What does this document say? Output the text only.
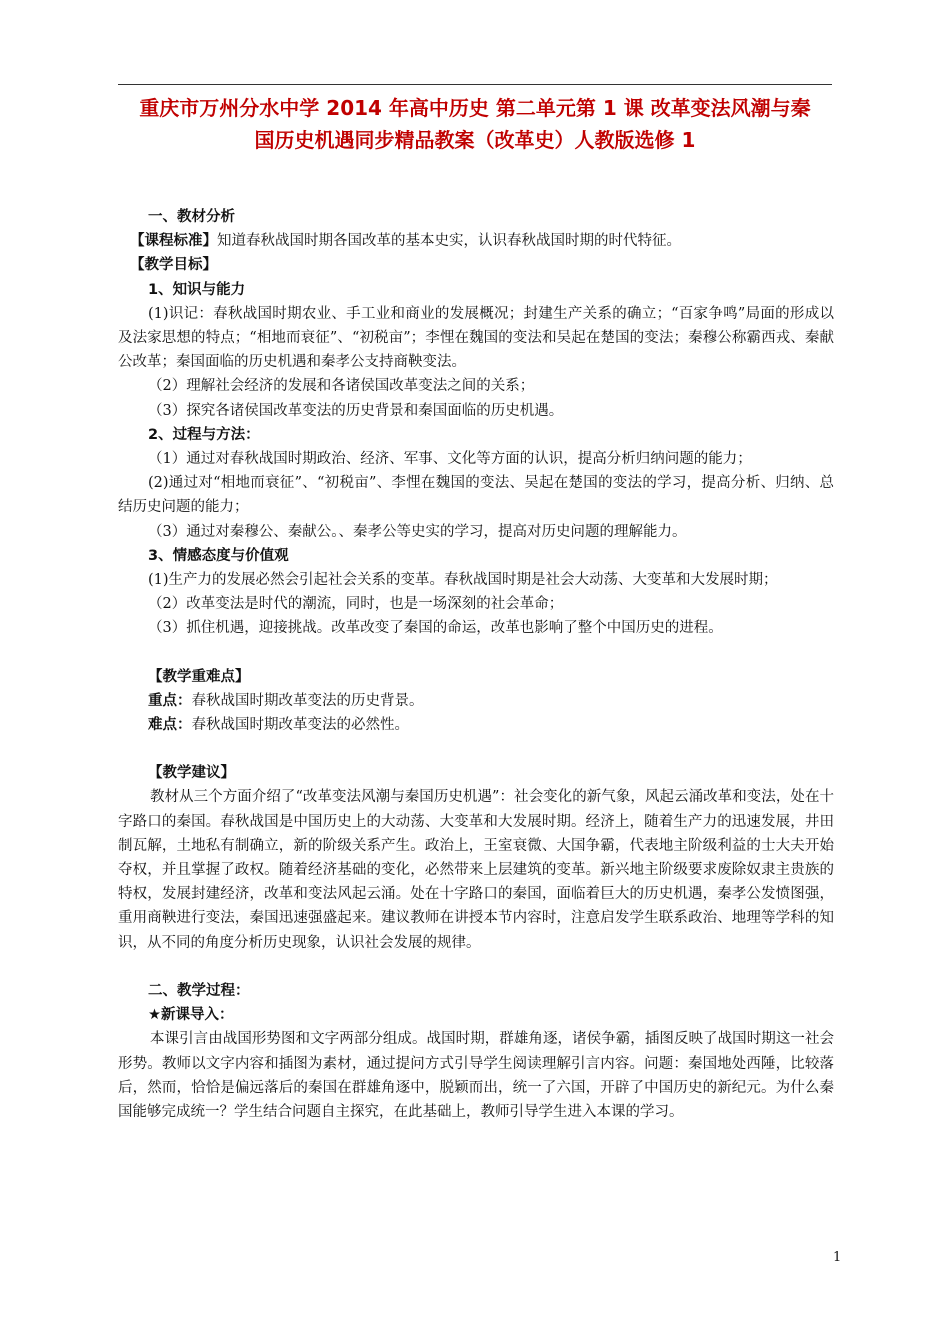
重庆市万州分水中学 2014 年高中历史 第二单元第 1 课 改革变法风潮与秦
国历史机遇同步精品教案（改革史）人教版选修 1

一、教材分析

【课程标准】知道春秋战国时期各国改革的基本史实，认识春秋战国时期的时代特征。

【教学目标】

1、知识与能力

(1)识记：春秋战国时期农业、手工业和商业的发展概况；封建生产关系的确立；“百家争鸣”局面的形成以及法家思想的特点；“相地而衰征”、“初税亩”；李悝在魏国的变法和吴起在楚国的变法；秦穆公称霸西戎、秦献公改革；秦国面临的历史机遇和秦孝公支持商鞅变法。

（2）理解社会经济的发展和各诸侯国改革变法之间的关系；

（3）探究各诸侯国改革变法的历史背景和秦国面临的历史机遇。

2、过程与方法：

（1）通过对春秋战国时期政治、经济、军事、文化等方面的认识，提高分析归纳问题的能力；

(2)通过对“相地而衰征”、“初税亩”、李悝在魏国的变法、吴起在楚国的变法的学习，提高分析、归纳、总结历史问题的能力；

（3）通过对秦穆公、秦献公。、秦孝公等史实的学习，提高对历史问题的理解能力。

3、情感态度与价值观

(1)生产力的发展必然会引起社会关系的变革。春秋战国时期是社会大动荡、大变革和大发展时期；

（2）改革变法是时代的潮流，同时，也是一场深刻的社会革命；

（3）抓住机遇，迎接挑战。改革改变了秦国的命运，改革也影响了整个中国历史的进程。

【教学重难点】

重点：春秋战国时期改革变法的历史背景。

难点：春秋战国时期改革变法的必然性。

【教学建议】

教材从三个方面介绍了“改革变法风潮与秦国历史机遇”：社会变化的新气象，风起云涌改革和变法，处在十字路口的秦国。春秋战国是中国历史上的大动荡、大变革和大发展时期。经济上，随着生产力的迅速发展，井田制瓦解，土地私有制确立，新的阶级关系产生。政治上，王室衰微、大国争霸，代表地主阶级利益的士大夫开始夺权，并且掌握了政权。随着经济基础的变化，必然带来上层建筑的变革。新兴地主阶级要求废除奴隶主贵族的特权，发展封建经济，改革和变法风起云涌。处在十字路口的秦国，面临着巨大的历史机遇，秦孝公发愤图强，重用商鞅进行变法，秦国迅速强盛起来。建议教师在讲授本节内容时，注意启发学生联系政治、地理等学科的知识，从不同的角度分析历史现象，认识社会发展的规律。

二、教学过程：

★新课导入：

本课引言由战国形势图和文字两部分组成。战国时期，群雄角逐，诸侯争霸，插图反映了战国时期这一社会形势。教师以文字内容和插图为素材，通过提问方式引导学生阅读理解引言内容。问题：秦国地处西陲，比较落后，然而，恰恰是偏远落后的秦国在群雄角逐中，脱颖而出，统一了六国，开辟了中国历史的新纪元。为什么秦国能够完成统一？学生结合问题自主探究，在此基础上，教师引导学生进入本课的学习。

1
